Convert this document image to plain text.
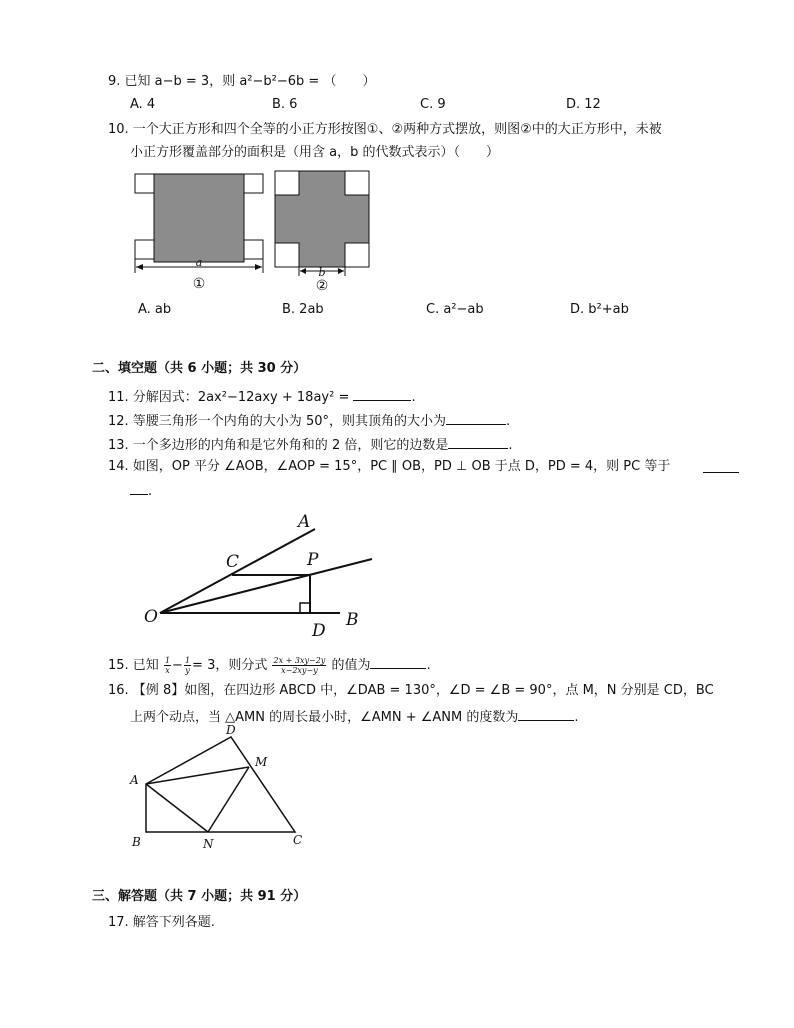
9. 已知 a−b = 3，则 a²−b²−6b = （　　）
A. 4	B. 6	C. 9	D. 12
10. 一个大正方形和四个全等的小正方形按图①、②两种方式摆放，则图②中的大正方形中，未被
小正方形覆盖部分的面积是（用含 a，b 的代数式表示）（　　）
a
①
b
②
A. ab	B. 2ab	C. a²−ab	D. b²+ab
二、填空题（共 6 小题；共 30 分）
11. 分解因式：2ax²−12axy + 18ay² =	.
12. 等腰三角形一个内角的大小为 50°，则其顶角的大小为	.
13. 一个多边形的内角和是它外角和的 2 倍，则它的边数是	.
14. 如图，OP 平分 ∠AOB，∠AOP = 15°，PC ∥ OB，PD ⊥ OB 于点 D，PD = 4，则 PC 等于
.
A
C	P
O
D
B
15. 已知 $\frac{1}{x} - \frac{1}{y} = 3$，则分式 $\frac{2x + 3xy-2y}{x-2xy-y}$ 的值为	.
16. 【例 8】如图，在四边形 ABCD 中，∠DAB = 130°，∠D = ∠B = 90°，点 M，N 分别是 CD，BC
上两个动点，当 △AMN 的周长最小时，∠AMN + ∠ANM 的度数为	.
D
M
A
B	N	C
三、解答题（共 7 小题；共 91 分）
17. 解答下列各题.
